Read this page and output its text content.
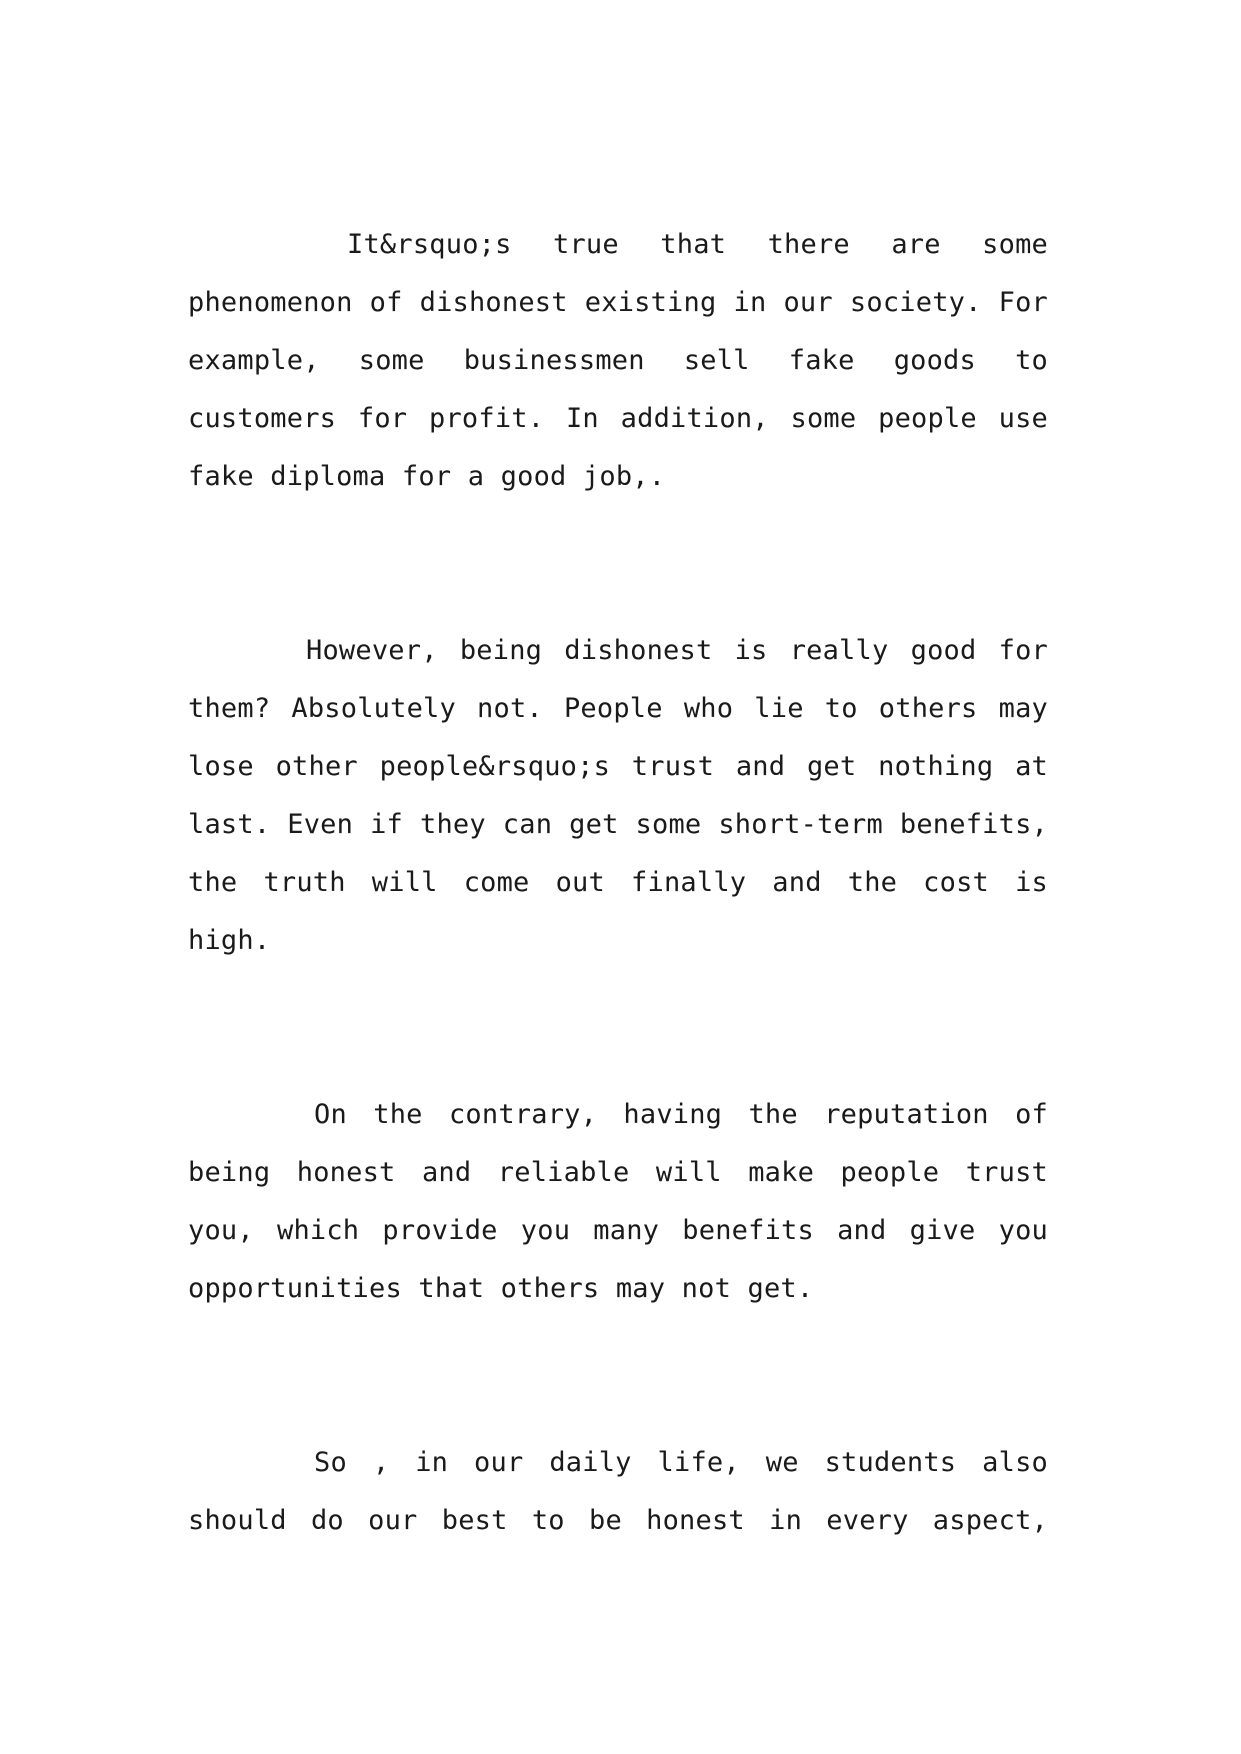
It&rsquo;s true that there are some phenomenon of dishonest existing in our society. For example, some businessmen sell fake goods to customers for profit. In addition, some people use fake diploma for a good job,.

However, being dishonest is really good for them? Absolutely not. People who lie to others may lose other people&rsquo;s trust and get nothing at last. Even if they can get some short-term benefits, the truth will come out finally and the cost is high.

On the contrary, having the reputation of being honest and reliable will make people trust you, which provide you many benefits and give you opportunities that others may not get.

So , in our daily life, we students also should do our best to be honest in every aspect,
